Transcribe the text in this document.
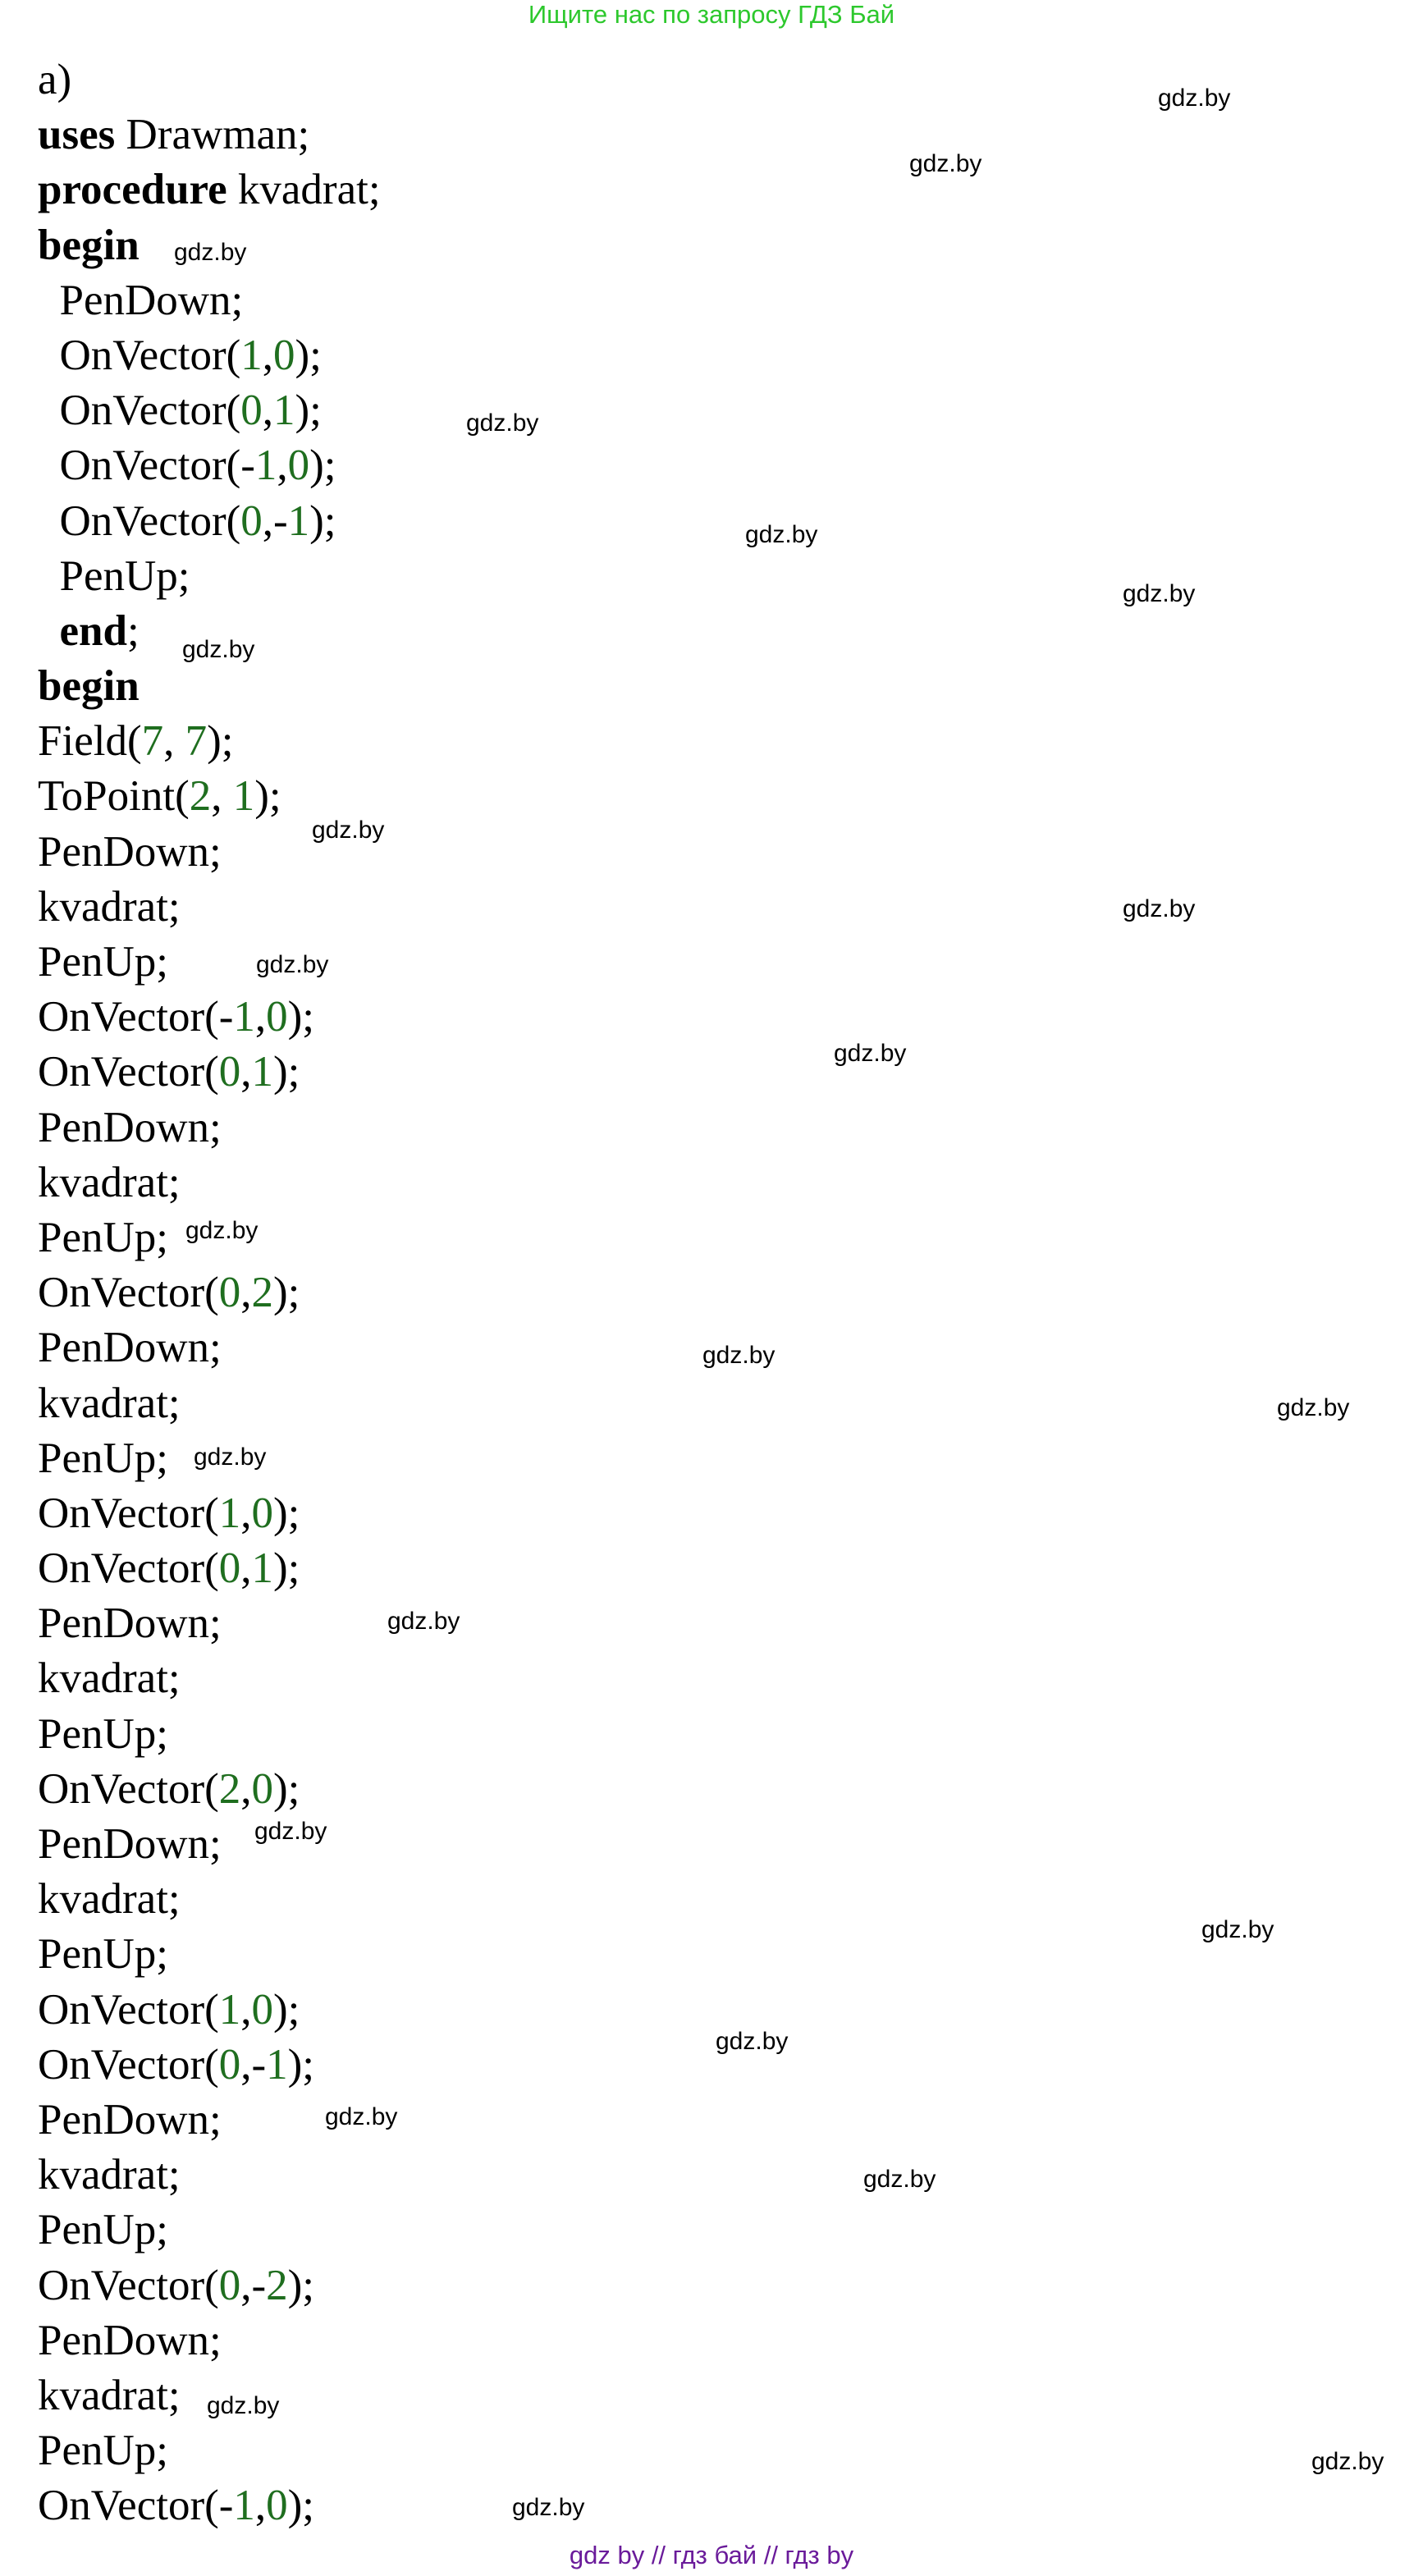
Ищите нас по запросу ГДЗ Бай
а)
uses Drawman;
procedure kvadrat;
begin
PenDown;
OnVector(1,0);
OnVector(0,1);
OnVector(-1,0);
OnVector(0,-1);
PenUp;
end;
begin
Field(7, 7);
ToPoint(2, 1);
PenDown;
kvadrat;
PenUp;
OnVector(-1,0);
OnVector(0,1);
PenDown;
kvadrat;
PenUp;
OnVector(0,2);
PenDown;
kvadrat;
PenUp;
OnVector(1,0);
OnVector(0,1);
PenDown;
kvadrat;
PenUp;
OnVector(2,0);
PenDown;
kvadrat;
PenUp;
OnVector(1,0);
OnVector(0,-1);
PenDown;
kvadrat;
PenUp;
OnVector(0,-2);
PenDown;
kvadrat;
PenUp;
OnVector(-1,0);
gdz.by
gdz.by
gdz.by
gdz.by
gdz.by
gdz.by
gdz.by
gdz.by
gdz.by
gdz.by
gdz.by
gdz.by
gdz.by
gdz.by
gdz.by
gdz.by
gdz.by
gdz.by
gdz.by
gdz.by
gdz.by
gdz.by
gdz.by
gdz.by
gdz by // гдз бай // гдз by
